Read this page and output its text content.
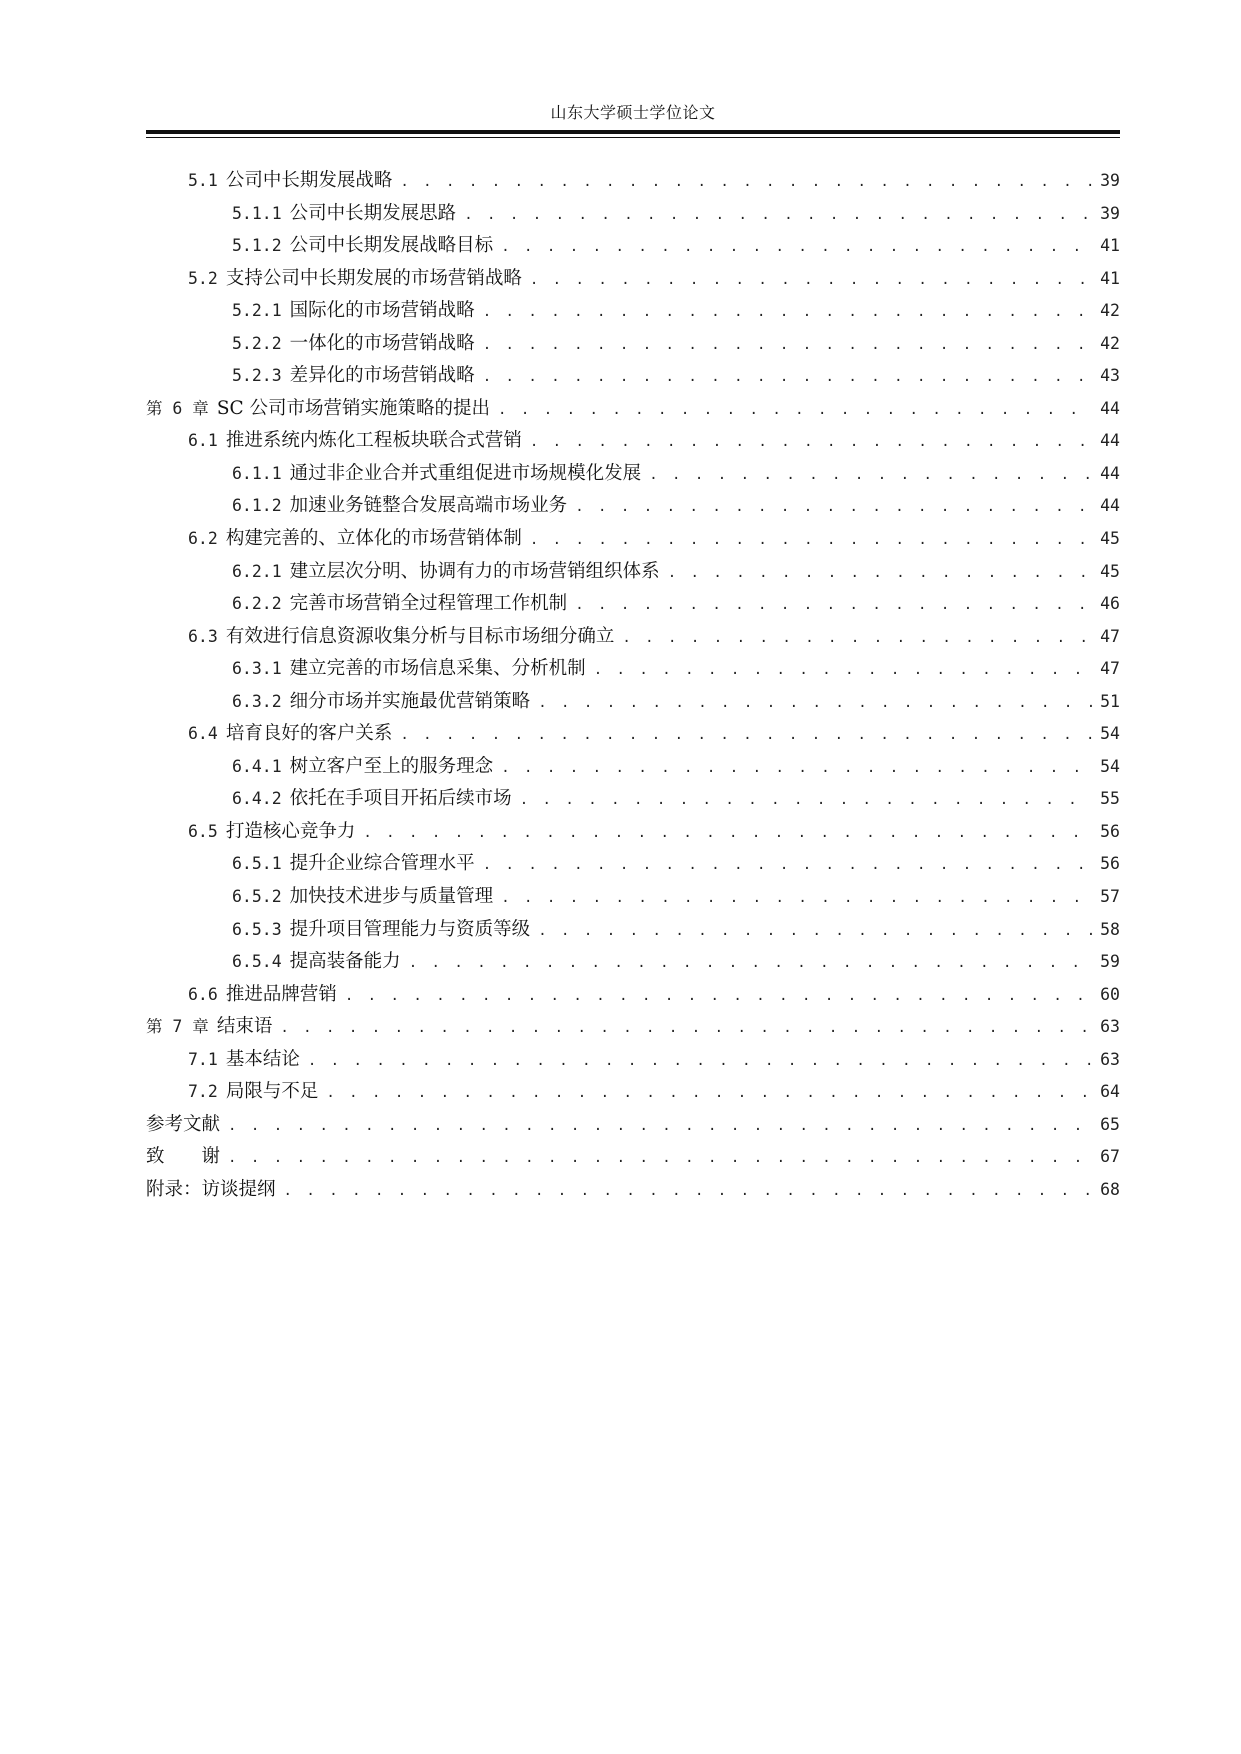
山东大学硕士学位论文
5.1 公司中长期发展战略 . . .	39
5.1.1 公司中长期发展思路 . . .	39
5.1.2 公司中长期发展战略目标 . . .	41
5.2 支持公司中长期发展的市场营销战略 . . .	41
5.2.1 国际化的市场营销战略 . . .	42
5.2.2 一体化的市场营销战略 . . .	42
5.2.3 差异化的市场营销战略 . . .	43
第 6 章 SC 公司市场营销实施策略的提出 . . .	44
6.1 推进系统内炼化工程板块联合式营销 . . .	44
6.1.1 通过非企业合并式重组促进市场规模化发展 . . .	44
6.1.2 加速业务链整合发展高端市场业务 . . .	44
6.2 构建完善的、立体化的市场营销体制 . . .	45
6.2.1 建立层次分明、协调有力的市场营销组织体系 . . .	45
6.2.2 完善市场营销全过程管理工作机制 . . .	46
6.3 有效进行信息资源收集分析与目标市场细分确立 . . .	47
6.3.1 建立完善的市场信息采集、分析机制 . . .	47
6.3.2 细分市场并实施最优营销策略 . . .	51
6.4 培育良好的客户关系 . . .	54
6.4.1 树立客户至上的服务理念 . . .	54
6.4.2 依托在手项目开拓后续市场 . . .	55
6.5 打造核心竞争力 . . .	56
6.5.1 提升企业综合管理水平 . . .	56
6.5.2 加快技术进步与质量管理 . . .	57
6.5.3 提升项目管理能力与资质等级 . . .	58
6.5.4 提高装备能力 . . .	59
6.6 推进品牌营销 . . .	60
第 7 章 结束语 . . .	63
7.1 基本结论 . . .	63
7.2 局限与不足 . . .	64
参考文献 . . .	65
致　　谢 . . .	67
附录：访谈提纲 . . .	68
